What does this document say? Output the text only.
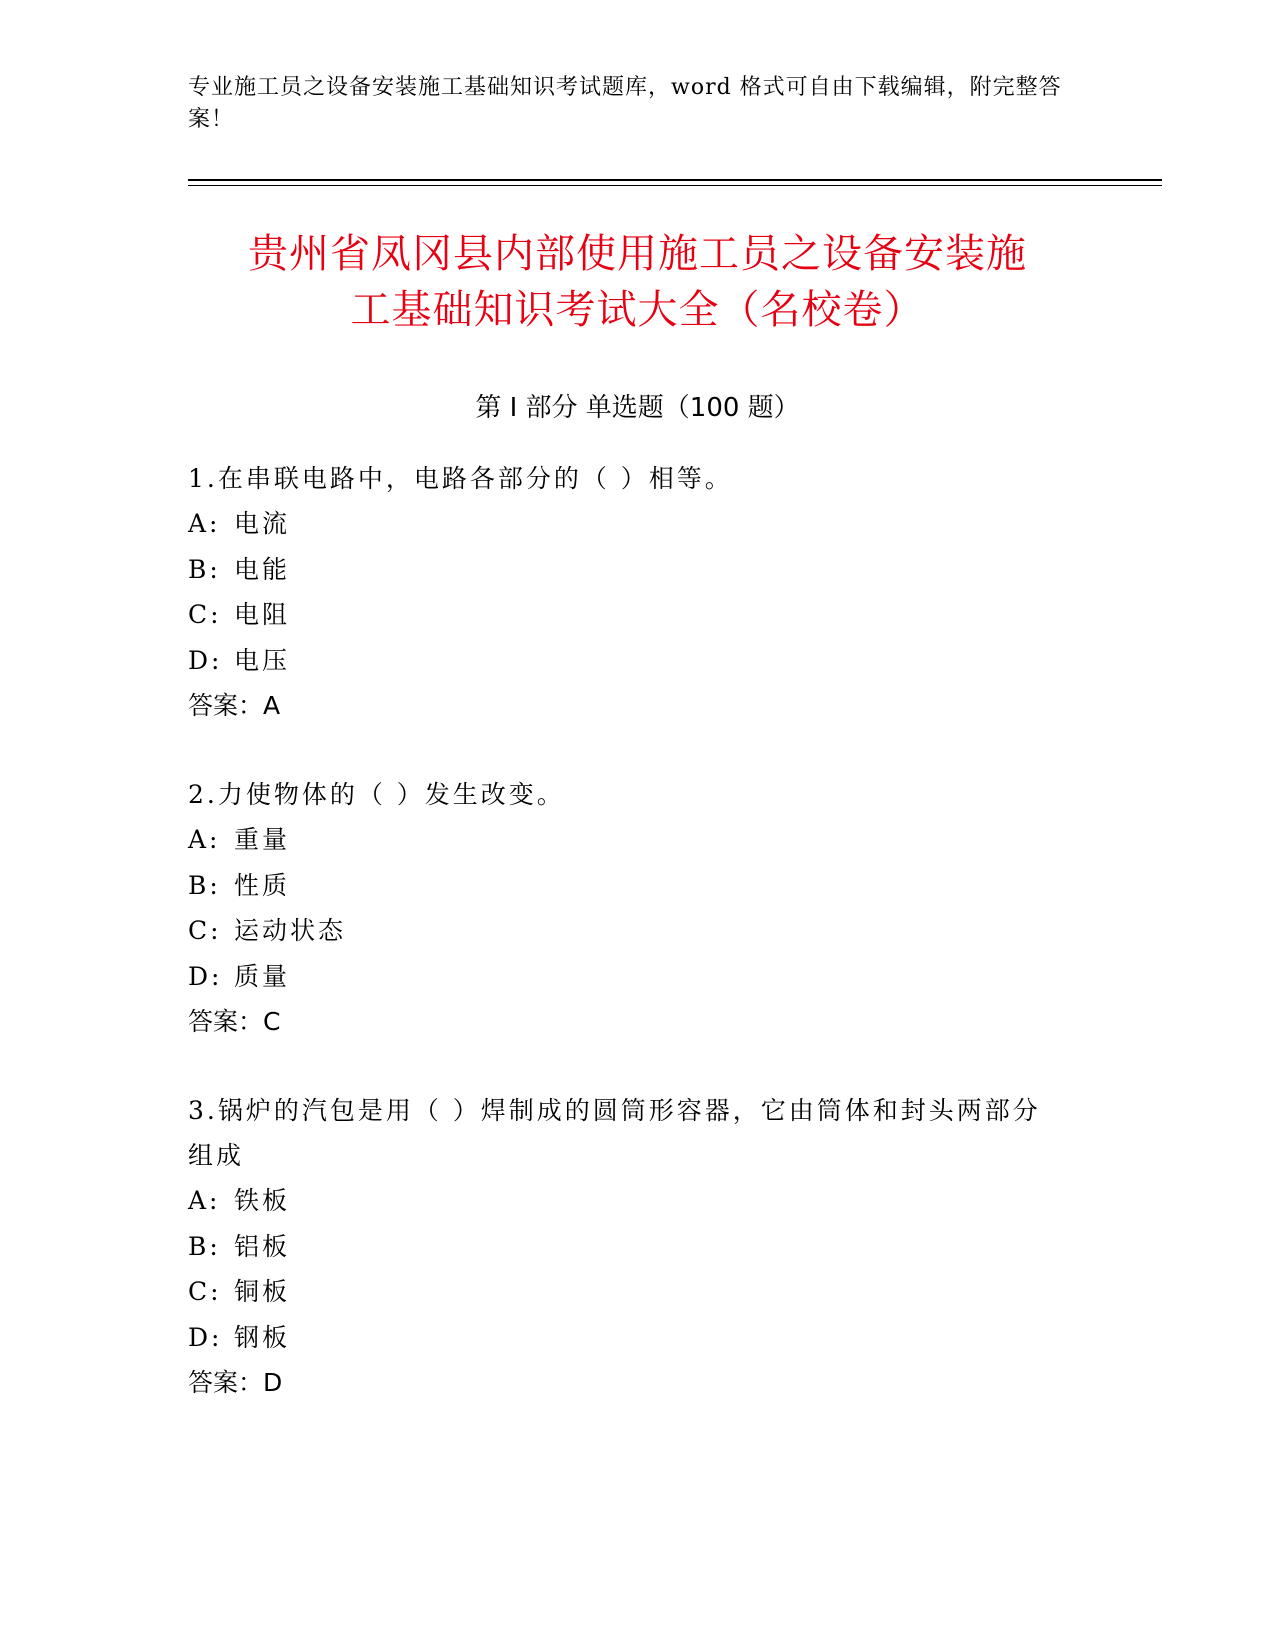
专业施工员之设备安装施工基础知识考试题库，word 格式可自由下载编辑，附完整答案！
贵州省凤冈县内部使用施工员之设备安装施
工基础知识考试大全（名校卷）
第 I 部分 单选题（100 题）

1.在串联电路中，电路各部分的（ ）相等。

A: 电流

B: 电能

C: 电阻

D: 电压

答案：A

2.力使物体的（ ）发生改变。

A: 重量

B: 性质

C: 运动状态

D: 质量

答案：C

3.锅炉的汽包是用（ ）焊制成的圆筒形容器，它由筒体和封头两部分组成

A: 铁板

B: 铝板

C: 铜板

D: 钢板

答案：D
